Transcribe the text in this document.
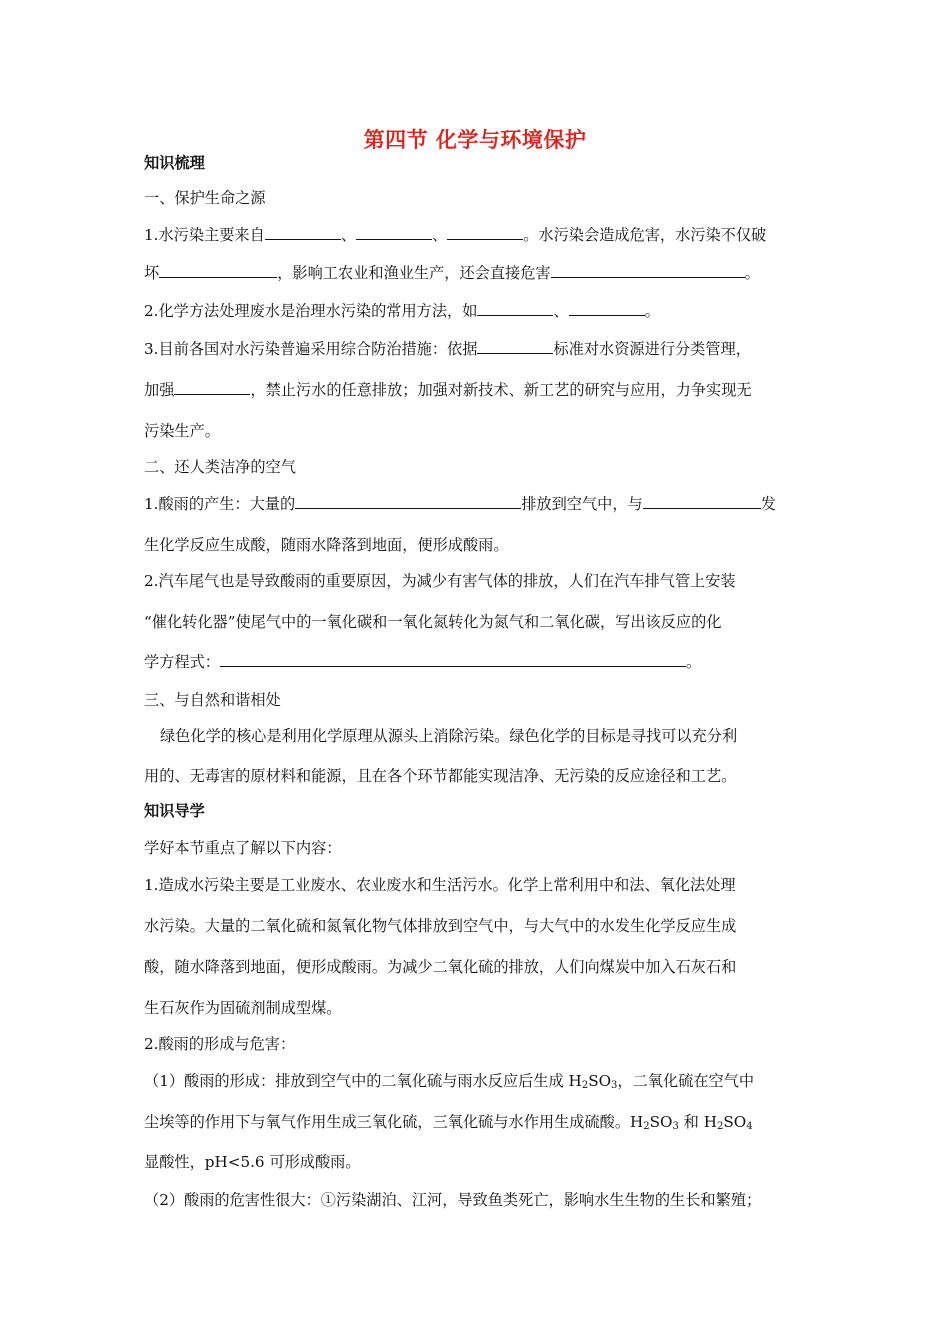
第四节 化学与环境保护
知识梳理
一、保护生命之源
1.水污染主要来自	、	、	。水污染会造成危害，水污染不仅破
坏	，影响工农业和渔业生产，还会直接危害	。
2.化学方法处理废水是治理水污染的常用方法，如	、	。
3.目前各国对水污染普遍采用综合防治措施：依据	标准对水资源进行分类管理，
加强	，禁止污水的任意排放；加强对新技术、新工艺的研究与应用，力争实现无
污染生产。
二、还人类洁净的空气
1.酸雨的产生：大量的	排放到空气中，与	发
生化学反应生成酸，随雨水降落到地面，便形成酸雨。
2.汽车尾气也是导致酸雨的重要原因，为减少有害气体的排放，人们在汽车排气管上安装
“催化转化器”使尾气中的一氧化碳和一氧化氮转化为氮气和二氧化碳，写出该反应的化
学方程式：	。
三、与自然和谐相处
绿色化学的核心是利用化学原理从源头上消除污染。绿色化学的目标是寻找可以充分利
用的、无毒害的原材料和能源，且在各个环节都能实现洁净、无污染的反应途径和工艺。
知识导学
学好本节重点了解以下内容：
1.造成水污染主要是工业废水、农业废水和生活污水。化学上常利用中和法、氧化法处理
水污染。大量的二氧化硫和氮氧化物气体排放到空气中，与大气中的水发生化学反应生成
酸，随水降落到地面，便形成酸雨。为减少二氧化硫的排放，人们向煤炭中加入石灰石和
生石灰作为固硫剂制成型煤。
2.酸雨的形成与危害：
（1）酸雨的形成：排放到空气中的二氧化硫与雨水反应后生成 $H_2SO_3$，二氧化硫在空气中
尘埃等的作用下与氧气作用生成三氧化硫，三氧化硫与水作用生成硫酸。$H_2SO_3$ 和 $H_2SO_4$
显酸性，pH<5.6 可形成酸雨。
（2）酸雨的危害性很大：①污染湖泊、江河，导致鱼类死亡，影响水生生物的生长和繁殖；
